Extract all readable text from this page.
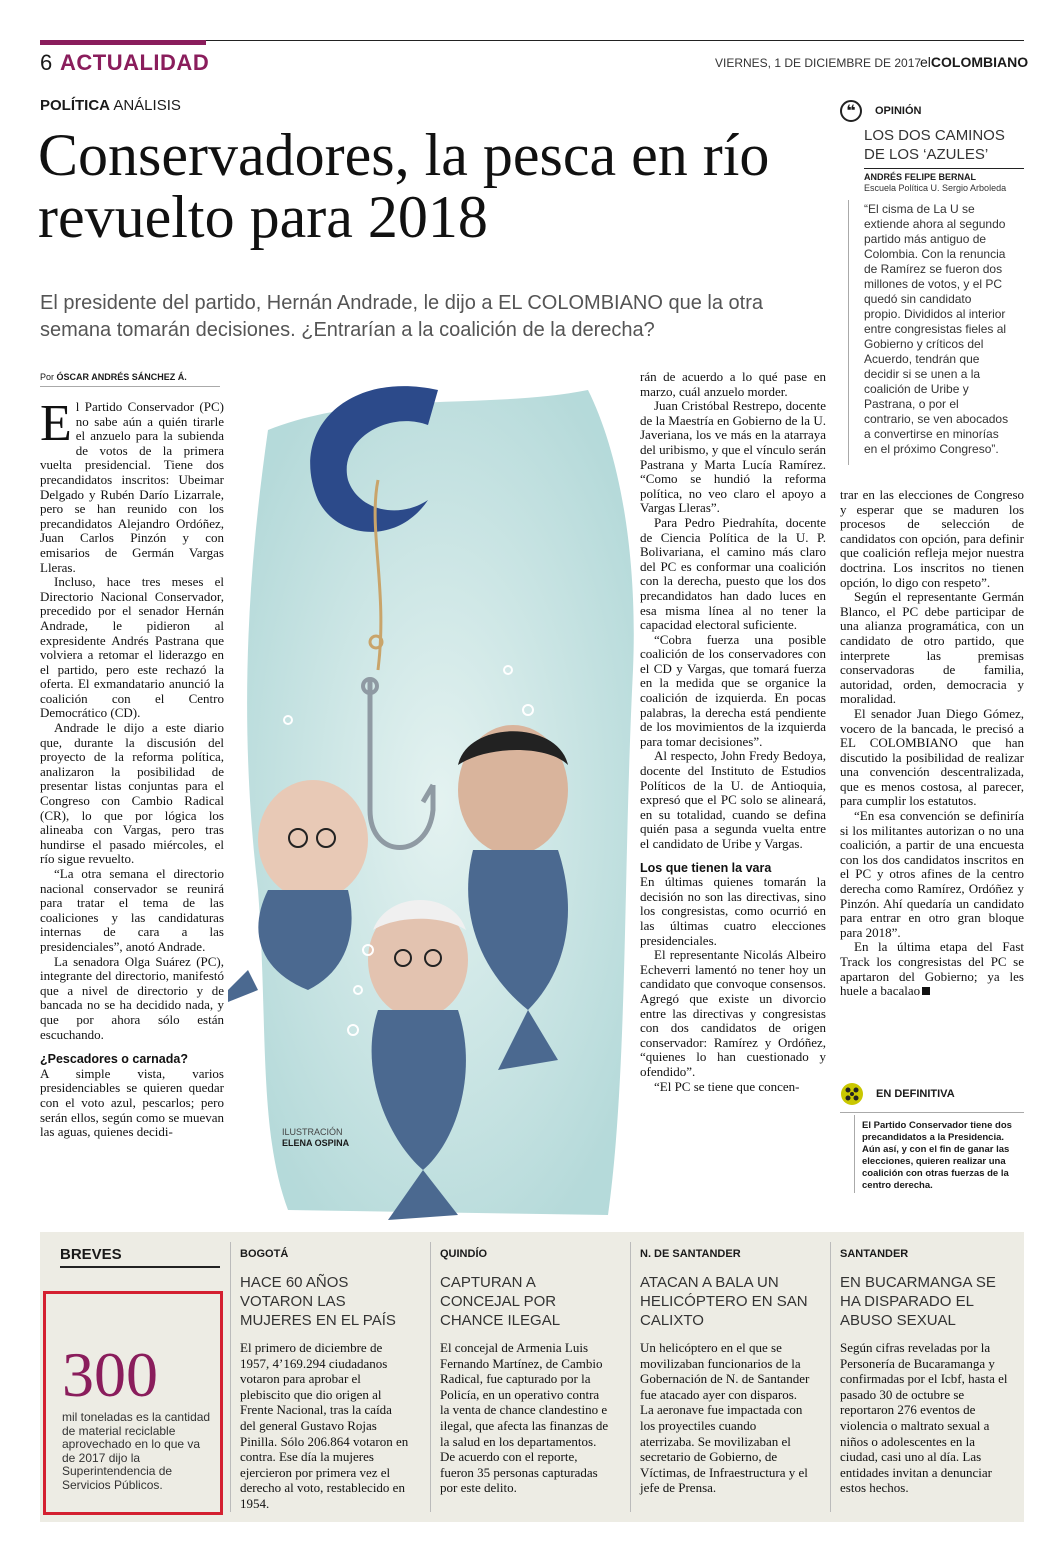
6 ACTUALIDAD	VIERNES, 1 DE DICIEMBRE DE 2017
elCOLOMBIANO
POLÍTICA ANÁLISIS
Conservadores, la pesca en río revuelto para 2018
El presidente del partido, Hernán Andrade, le dijo a EL COLOMBIANO que la otra semana tomarán decisiones. ¿Entrarían a la coalición de la derecha?
Por ÓSCAR ANDRÉS SÁNCHEZ Á.

El Partido Conservador (PC) no sabe aún a quién tirarle el anzuelo para la subienda de votos de la primera vuelta presidencial. Tiene dos precandidatos inscritos: Ubeimar Delgado y Rubén Darío Lizarrale, pero se han reunido con los precandidatos Alejandro Ordóñez, Juan Carlos Pinzón y con emisarios de Germán Vargas Lleras.

Incluso, hace tres meses el Directorio Nacional Conservador, precedido por el senador Hernán Andrade, le pidieron al expresidente Andrés Pastrana que volviera a retomar el liderazgo en el partido, pero este rechazó la oferta. El exmandatario anunció la coalición con el Centro Democrático (CD).

Andrade le dijo a este diario que, durante la discusión del proyecto de la reforma política, analizaron la posibilidad de presentar listas conjuntas para el Congreso con Cambio Radical (CR), lo que por lógica los alineaba con Vargas, pero tras hundirse el pasado miércoles, el río sigue revuelto.

“La otra semana el directorio nacional conservador se reunirá para tratar el tema de las coaliciones y las candidaturas internas de cara a las presidenciales”, anotó Andrade.

La senadora Olga Suárez (PC), integrante del directorio, manifestó que a nivel de directorio y de bancada no se ha decidido nada, y que por ahora sólo están escuchando.

¿Pescadores o carnada?

A simple vista, varios presidenciables se quieren quedar con el voto azul, pescarlos; pero serán ellos, según como se muevan las aguas, quienes decidi-	ILUSTRACIÓN
ELENA OSPINA

rán de acuerdo a lo qué pase en marzo, cuál anzuelo morder.

Juan Cristóbal Restrepo, docente de la Maestría en Gobierno de la U. Javeriana, los ve más en la atarraya del uribismo, y que el vínculo serán Pastrana y Marta Lucía Ramírez. “Como se hundió la reforma política, no veo claro el apoyo a Vargas Lleras”.

Para Pedro Piedrahíta, docente de Ciencia Política de la U. P. Bolivariana, el camino más claro del PC es conformar una coalición con la derecha, puesto que los dos precandidatos han dado luces en esa misma línea al no tener la capacidad electoral suficiente.

“Cobra fuerza una posible coalición de los conservadores con el CD y Vargas, que tomará fuerza en la medida que se organice la coalición de izquierda. En pocas palabras, la derecha está pendiente de los movimientos de la izquierda para tomar decisiones”.

Al respecto, John Fredy Bedoya, docente del Instituto de Estudios Políticos de la U. de Antioquia, expresó que el PC solo se alineará, en su totalidad, cuando se defina quién pasa a segunda vuelta entre el candidato de Uribe y Vargas.

Los que tienen la vara

En últimas quienes tomarán la decisión no son las directivas, sino los congresistas, como ocurrió en las últimas cuatro elecciones presidenciales.

El representante Nicolás Albeiro Echeverri lamentó no tener hoy un candidato que convoque consensos. Agregó que existe un divorcio entre las directivas y congresistas con dos candidatos de origen conservador: Ramírez y Ordóñez, “quienes lo han cuestionado y ofendido”.

“El PC se tiene que concen-

trar en las elecciones de Congreso y esperar que se maduren los procesos de selección de candidatos con opción, para definir que coalición refleja mejor nuestra doctrina. Los inscritos no tienen opción, lo digo con respeto”.

Según el representante Germán Blanco, el PC debe participar de una alianza programática, con un candidato de otro partido, que interprete las premisas conservadoras de familia, autoridad, orden, democracia y moralidad.

El senador Juan Diego Gómez, vocero de la bancada, le precisó a EL COLOMBIANO que han discutido la posibilidad de realizar una convención descentralizada, que es menos costosa, al parecer, para cumplir los estatutos.

“En esa convención se definiría si los militantes autorizan o no una coalición, a partir de una encuesta con los dos candidatos inscritos en el PC y otros afines de la centro derecha como Ramírez, Ordóñez y Pinzón. Ahí quedaría un candidato para entrar en otro gran bloque para 2018”.

En la última etapa del Fast Track los congresistas del PC se apartaron del Gobierno; ya les huele a bacalao

❝	OPINIÓN
LOS DOS CAMINOS DE LOS ‘AZULES’
ANDRÉS FELIPE BERNAL
Escuela Política U. Sergio Arboleda
“El cisma de La U se extiende ahora al segundo partido más antiguo de Colombia. Con la renuncia de Ramírez se fueron dos millones de votos, y el PC quedó sin candidato propio. Divididos al interior entre congresistas fieles al Gobierno y críticos del Acuerdo, tendrán que decidir si se unen a la coalición de Uribe y Pastrana, o por el contrario, se ven abocados a convertirse en minorías en el próximo Congreso”.
EN DEFINITIVA
El Partido Conservador tiene dos precandidatos a la Presidencia. Aún así, y con el fin de ganar las elecciones, quieren realizar una coalición con otras fuerzas de la centro derecha.
BREVES
300
mil toneladas es la cantidad de material reciclable aprovechado en lo que va de 2017 dijo la Superintendencia de Servicios Públicos.
BOGOTÁ
HACE 60 AÑOS VOTARON LAS MUJERES EN EL PAÍS
El primero de diciembre de 1957, 4’169.294 ciudadanos votaron para aprobar el plebiscito que dio origen al Frente Nacional, tras la caída del general Gustavo Rojas Pinilla. Sólo 206.864 votaron en contra. Ese día la mujeres ejercieron por primera vez el derecho al voto, restablecido en 1954.
QUINDÍO
CAPTURAN A CONCEJAL POR CHANCE ILEGAL
El concejal de Armenia Luis Fernando Martínez, de Cambio Radical, fue capturado por la Policía, en un operativo contra la venta de chance clandestino e ilegal, que afecta las finanzas de la salud en los departamentos. De acuerdo con el reporte, fueron 35 personas capturadas por este delito.
N. DE SANTANDER
ATACAN A BALA UN HELICÓPTERO EN SAN CALIXTO
Un helicóptero en el que se movilizaban funcionarios de la Gobernación de N. de Santander fue atacado ayer con disparos. La aeronave fue impactada con los proyectiles cuando aterrizaba. Se movilizaban el secretario de Gobierno, de Víctimas, de Infraestructura y el jefe de Prensa.
SANTANDER
EN BUCARMANGA SE HA DISPARADO EL ABUSO SEXUAL
Según cifras reveladas por la Personería de Bucaramanga y confirmadas por el Icbf, hasta el pasado 30 de octubre se reportaron 276 eventos de violencia o maltrato sexual a niños o adolescentes en la ciudad, casi uno al día. Las entidades invitan a denunciar estos hechos.
